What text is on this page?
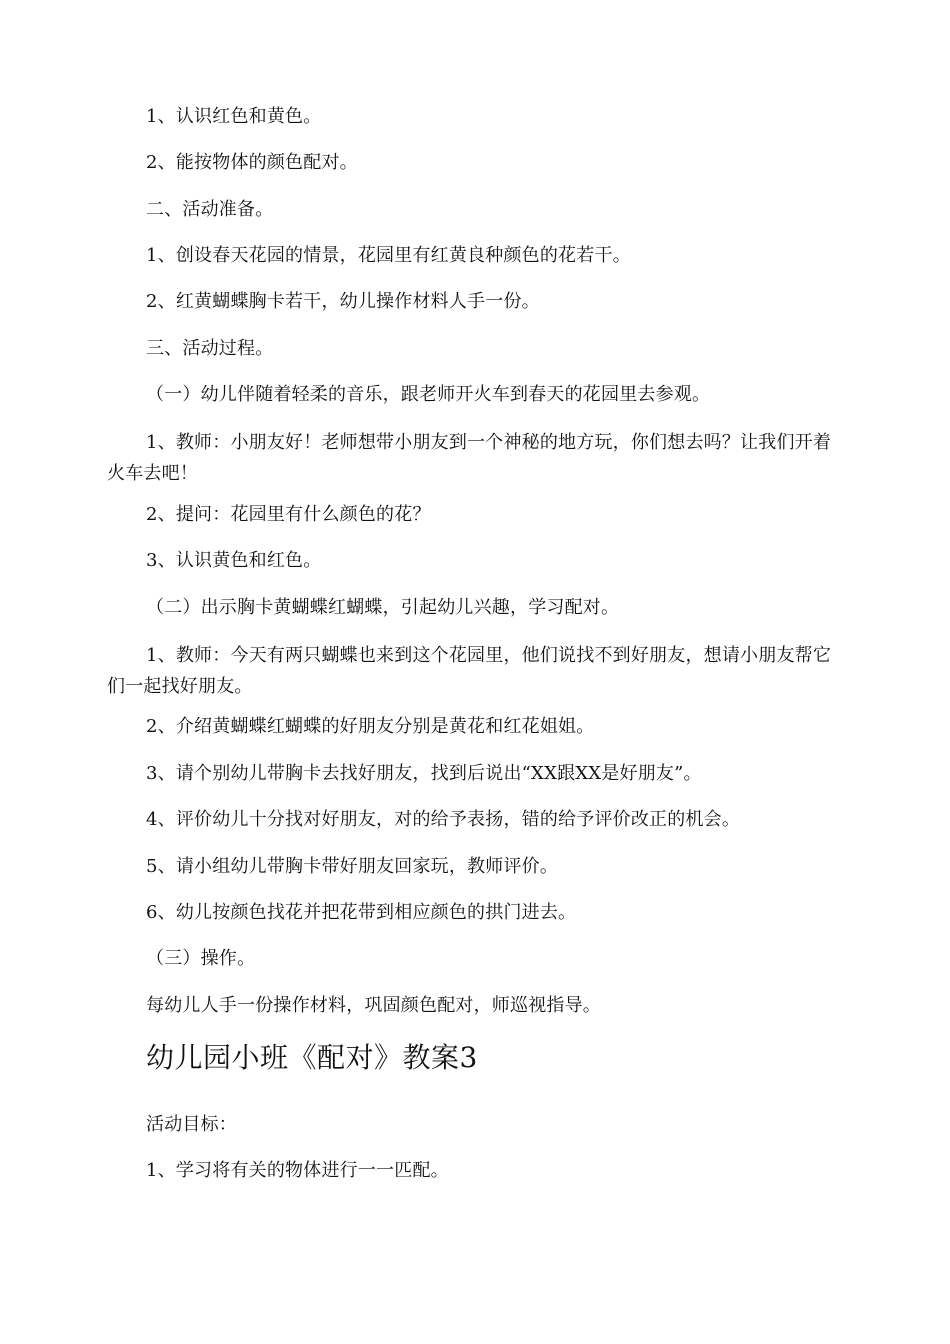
1、认识红色和黄色。
2、能按物体的颜色配对。
二、活动准备。
1、创设春天花园的情景，花园里有红黄良种颜色的花若干。
2、红黄蝴蝶胸卡若干，幼儿操作材料人手一份。
三、活动过程。
（一）幼儿伴随着轻柔的音乐，跟老师开火车到春天的花园里去参观。
1、教师：小朋友好！老师想带小朋友到一个神秘的地方玩，你们想去吗？让我们开着火车去吧！
2、提问：花园里有什么颜色的花？
3、认识黄色和红色。
（二）出示胸卡黄蝴蝶红蝴蝶，引起幼儿兴趣，学习配对。
1、教师：今天有两只蝴蝶也来到这个花园里，他们说找不到好朋友，想请小朋友帮它们一起找好朋友。
2、介绍黄蝴蝶红蝴蝶的好朋友分别是黄花和红花姐姐。
3、请个别幼儿带胸卡去找好朋友，找到后说出“XX跟XX是好朋友”。
4、评价幼儿十分找对好朋友，对的给予表扬，错的给予评价改正的机会。
5、请小组幼儿带胸卡带好朋友回家玩，教师评价。
6、幼儿按颜色找花并把花带到相应颜色的拱门进去。
（三）操作。
每幼儿人手一份操作材料，巩固颜色配对，师巡视指导。
幼儿园小班《配对》教案3
活动目标：
1、学习将有关的物体进行一一匹配。
